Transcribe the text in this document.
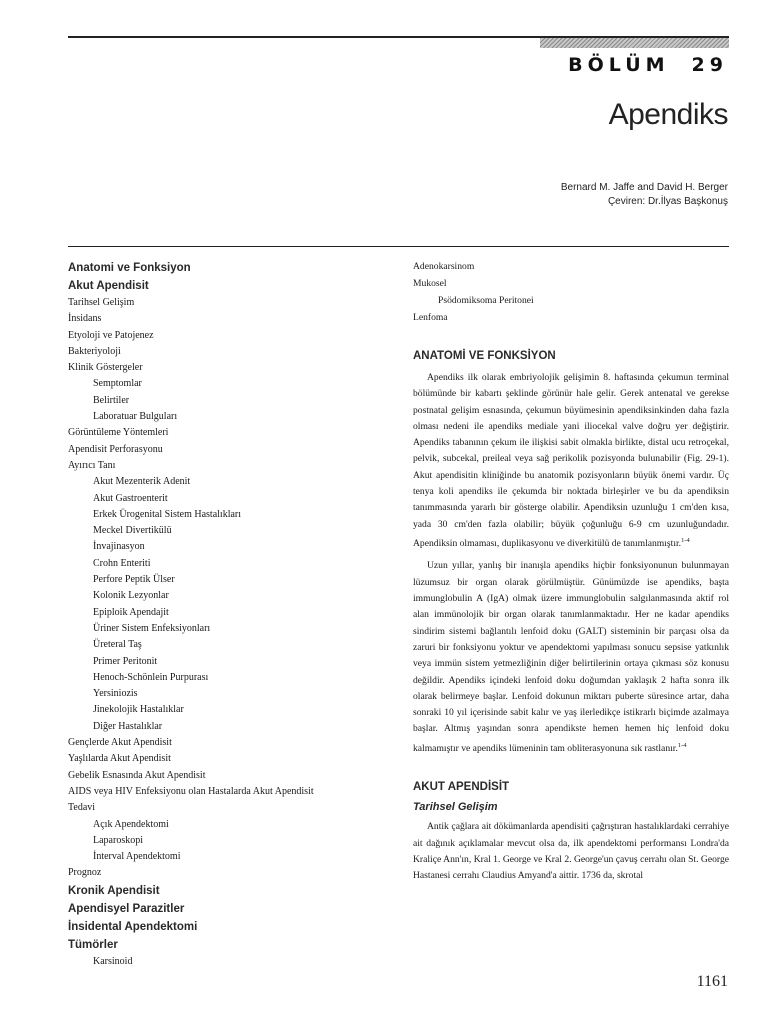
BÖLÜM 29
Apendiks
Bernard M. Jaffe and David H. Berger
Çeviren: Dr.İlyas Başkonuş
Anatomi ve Fonksiyon
Akut Apendisit
Tarihsel Gelişim
İnsidans
Etyoloji ve Patojenez
Bakteriyoloji
Klinik Göstergeler
Semptomlar
Belirtiler
Laboratuar Bulguları
Görüntüleme Yöntemleri
Apendisit Perforasyonu
Ayırıcı Tanı
Akut Mezenterik Adenit
Akut Gastroenterit
Erkek Ürogenital Sistem Hastalıkları
Meckel Divertikülü
İnvajinasyon
Crohn Enteriti
Perfore Peptik Ülser
Kolonik Lezyonlar
Epiploik Apendajit
Üriner Sistem Enfeksiyonları
Üreteral Taş
Primer Peritonit
Henoch-Schönlein Purpurası
Yersiniozis
Jinekolojik Hastalıklar
Diğer Hastalıklar
Gençlerde Akut Apendisit
Yaşlılarda Akut Apendisit
Gebelik Esnasında Akut Apendisit
AIDS veya HIV Enfeksiyonu olan Hastalarda Akut Apendisit
Tedavi
Açık Apendektomi
Laparoskopi
İnterval Apendektomi
Prognoz
Kronik Apendisit
Apendisyel Parazitler
İnsidental Apendektomi
Tümörler
Karsinoid
Adenokarsinom
Mukosel
Psödomiksoma Peritonei
Lenfoma
ANATOMİ VE FONKSİYON

Apendiks ilk olarak embriyolojik gelişimin 8. haftasında çekumun terminal bölümünde bir kabartı şeklinde görünür hale gelir. Gerek antenatal ve gerekse postnatal gelişim esnasında, çekumun büyümesinin apendiksinkinden daha fazla olması nedeni ile apendiks mediale yani iliocekal valve doğru yer değiştirir. Apendiks tabanının çekum ile ilişkisi sabit olmakla birlikte, distal ucu retroçekal, pelvik, subcekal, preileal veya sağ perikolik pozisyonda bulunabilir (Fig. 29-1). Akut apendisitin kliniğinde bu anatomik pozisyonların büyük önemi vardır. Üç tenya koli apendiks ile çekumda bir noktada birleşirler ve bu da apendiksin tanımmasında yararlı bir gösterge olabilir. Apendiksin uzunluğu 1 cm'den kısa, yada 30 cm'den fazla olabilir; büyük çoğunluğu 6-9 cm uzunluğundadır. Apendiksin olmaması, duplikasyonu ve diverkitülü de tanımlanmıştır.$^{1-4}$

Uzun yıllar, yanlış bir inanışla apendiks hiçbir fonksiyonunun bulunmayan lüzumsuz bir organ olarak görülmüştür. Günümüzde ise apendiks, başta immunglobulin A (IgA) olmak üzere immunglobulin salgılanmasında aktif rol alan immünolojik bir organ olarak tanımlanmaktadır. Her ne kadar apendiks sindirim sistemi bağlantılı lenfoid doku (GALT) sisteminin bir parçası olsa da zaruri bir fonksiyonu yoktur ve apendektomi yapılması sonucu sepsise yatkınlık veya immün sistem yetmezliğinin diğer belirtilerinin ortaya çıkması söz konusu değildir. Apendiks içindeki lenfoid doku doğumdan yaklaşık 2 hafta sonra ilk olarak belirmeye başlar. Lenfoid dokunun miktarı puberte süresince artar, daha sonraki 10 yıl içerisinde sabit kalır ve yaş ilerledikçe istikrarlı biçimde azalmaya başlar. Altmış yaşından sonra apendikste hemen hemen hiç lenfoid doku kalmamıştır ve apendiks lümeninin tam obliterasyonuna sık rastlanır.$^{1-4}$

AKUT APENDİSİT
Tarihsel Gelişim

Antik çağlara ait dökümanlarda apendisiti çağrıştıran hastalıklardaki cerrahiye ait dağınık açıklamalar mevcut olsa da, ilk apendektomi performansı Londra'da Kraliçe Ann'ın, Kral 1. George ve Kral 2. George'un çavuş cerrahı olan St. George Hastanesi cerrahı Claudius Amyand'a aittir. 1736 da, skrotal

1161
